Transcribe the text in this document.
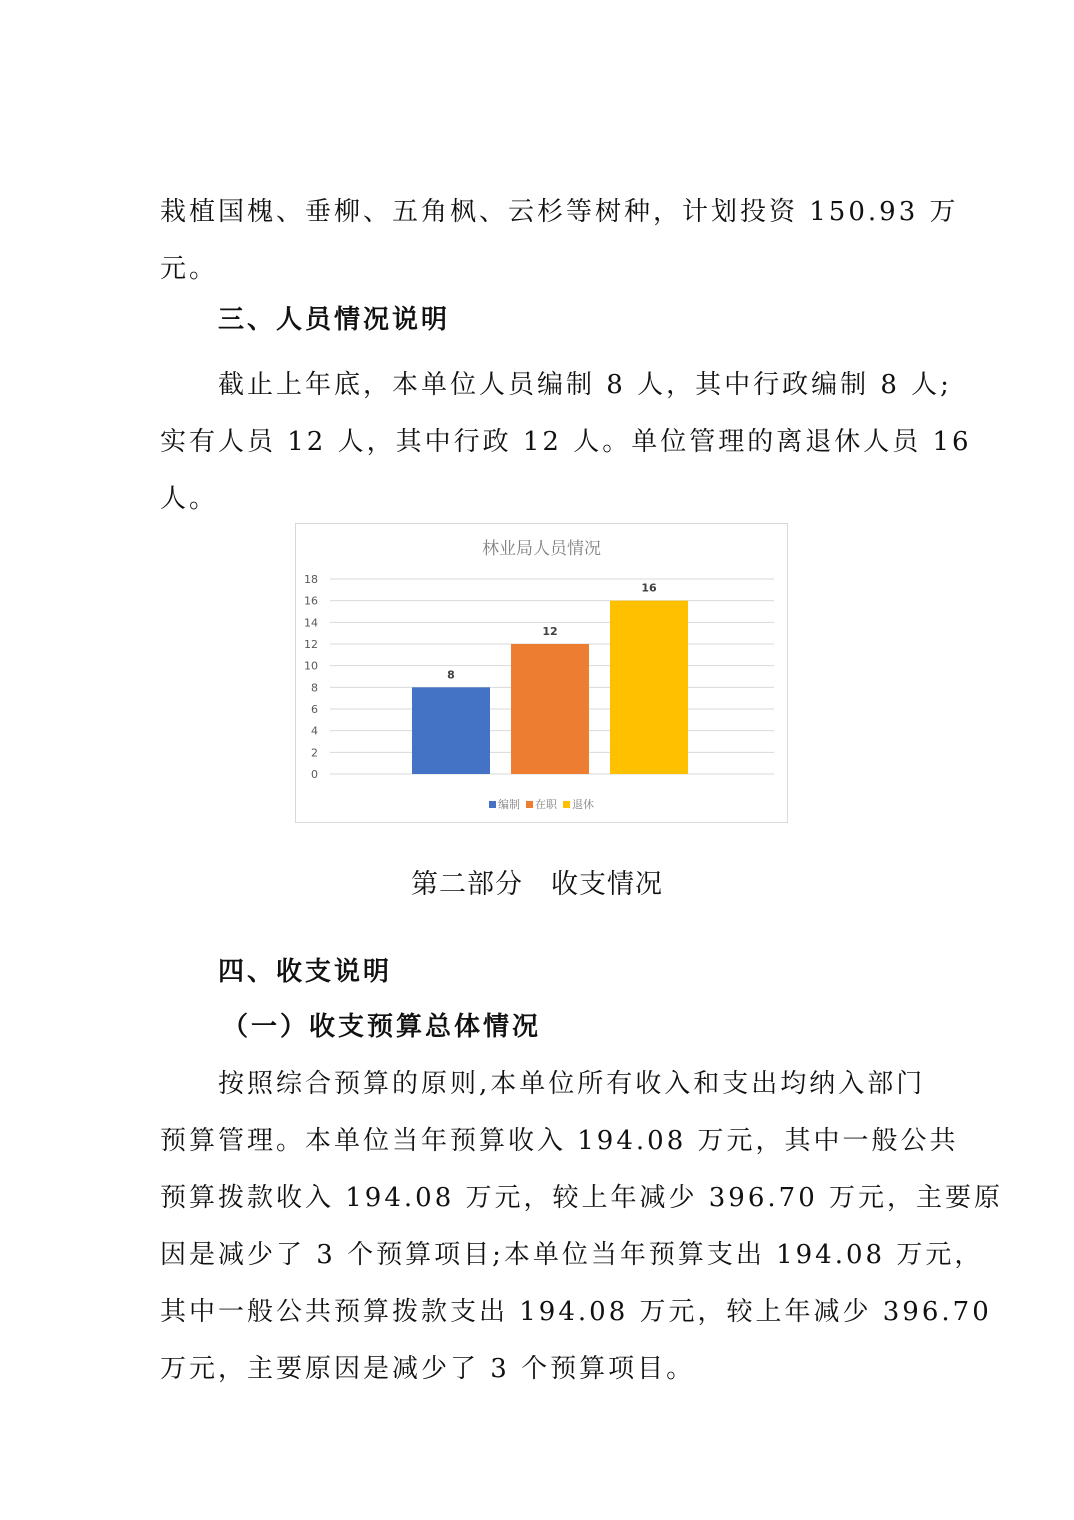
栽植国槐、垂柳、五角枫、云杉等树种，计划投资 150.93 万
元。
三、人员情况说明
截止上年底，本单位人员编制 8 人，其中行政编制 8 人;
实有人员 12 人，其中行政 12 人。单位管理的离退休人员 16
人。
林业局人员情况
0
2
4
6
8
10
12
14
16
18
8
12
16
编制 在职 退休
第二部分　收支情况
四、收支说明
（一）收支预算总体情况
按照综合预算的原则,本单位所有收入和支出均纳入部门
预算管理。本单位当年预算收入 194.08 万元，其中一般公共
预算拨款收入 194.08 万元，较上年减少 396.70 万元，主要原
因是减少了 3 个预算项目;本单位当年预算支出 194.08 万元，
其中一般公共预算拨款支出 194.08 万元，较上年减少 396.70
万元，主要原因是减少了 3 个预算项目。
